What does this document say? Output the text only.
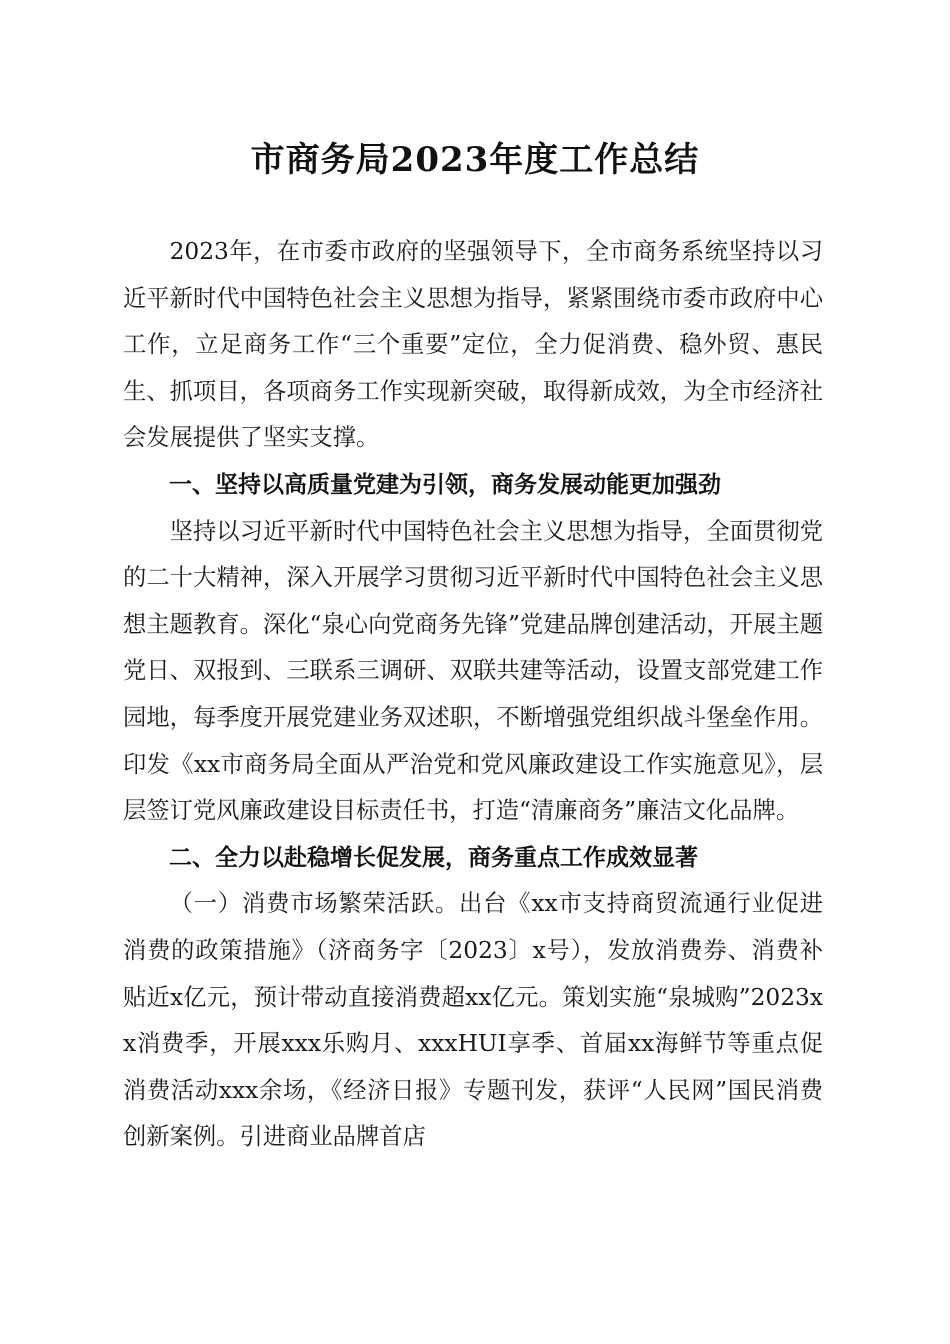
市商务局2023年度工作总结

2023年，在市委市政府的坚强领导下，全市商务系统坚持以习近平新时代中国特色社会主义思想为指导，紧紧围绕市委市政府中心工作，立足商务工作“三个重要”定位，全力促消费、稳外贸、惠民生、抓项目，各项商务工作实现新突破，取得新成效，为全市经济社会发展提供了坚实支撑。

一、坚持以高质量党建为引领，商务发展动能更加强劲

坚持以习近平新时代中国特色社会主义思想为指导，全面贯彻党的二十大精神，深入开展学习贯彻习近平新时代中国特色社会主义思想主题教育。深化“泉心向党商务先锋”党建品牌创建活动，开展主题党日、双报到、三联系三调研、双联共建等活动，设置支部党建工作园地，每季度开展党建业务双述职，不断增强党组织战斗堡垒作用。印发《xx市商务局全面从严治党和党风廉政建设工作实施意见》，层层签订党风廉政建设目标责任书，打造“清廉商务”廉洁文化品牌。

二、全力以赴稳增长促发展，商务重点工作成效显著

（一）消费市场繁荣活跃。出台《xx市支持商贸流通行业促进消费的政策措施》（济商务字〔2023〕x号），发放消费券、消费补贴近x亿元，预计带动直接消费超xx亿元。策划实施“泉城购”2023xx消费季，开展xxx乐购月、xxxHUI享季、首届xx海鲜节等重点促消费活动xxx余场，《经济日报》专题刊发，获评“人民网”国民消费创新案例。引进商业品牌首店
